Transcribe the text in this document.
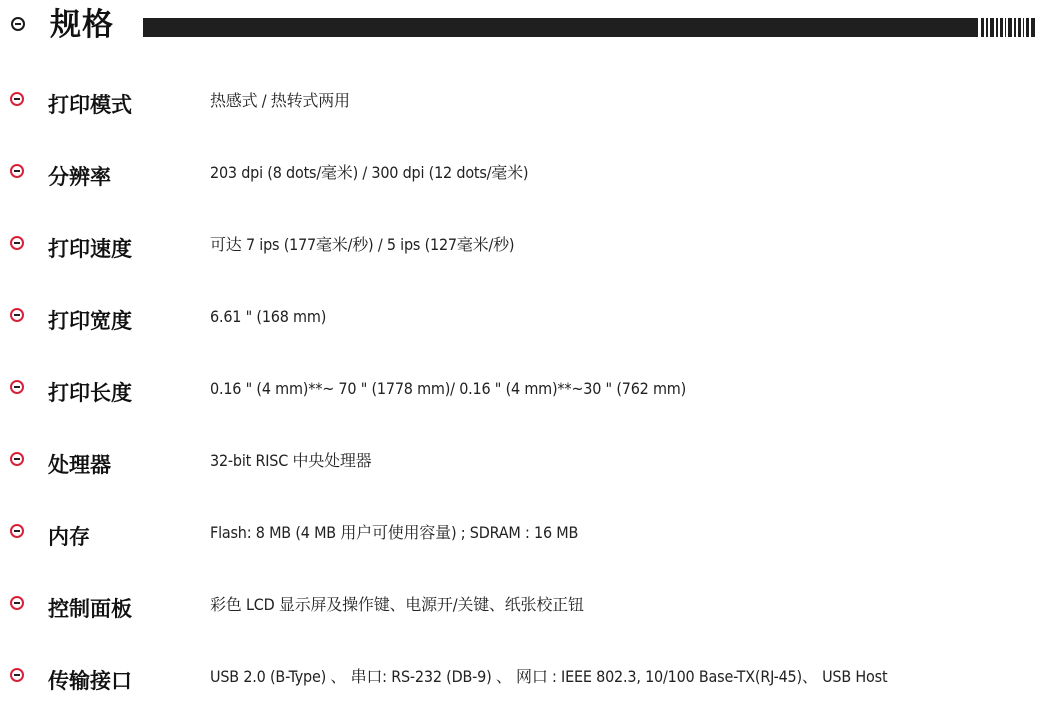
规格
打印模式	热感式 / 热转式两用
分辨率	203 dpi (8 dots/毫米) / 300 dpi (12 dots/毫米)
打印速度	可达 7 ips (177毫米/秒) / 5 ips (127毫米/秒)
打印宽度	6.61 " (168 mm)
打印长度	0.16 " (4 mm)**~ 70 " (1778 mm)/ 0.16 " (4 mm)**~30 " (762 mm)
处理器	32-bit RISC 中央处理器
内存	Flash: 8 MB (4 MB 用户可使用容量) ; SDRAM : 16 MB
控制面板	彩色 LCD 显示屏及操作键、电源开/关键、纸张校正钮
传输接口	USB 2.0 (B-Type) 、 串口: RS-232 (DB-9) 、 网口 : IEEE 802.3, 10/100 Base-TX(RJ-45)、 USB Host
